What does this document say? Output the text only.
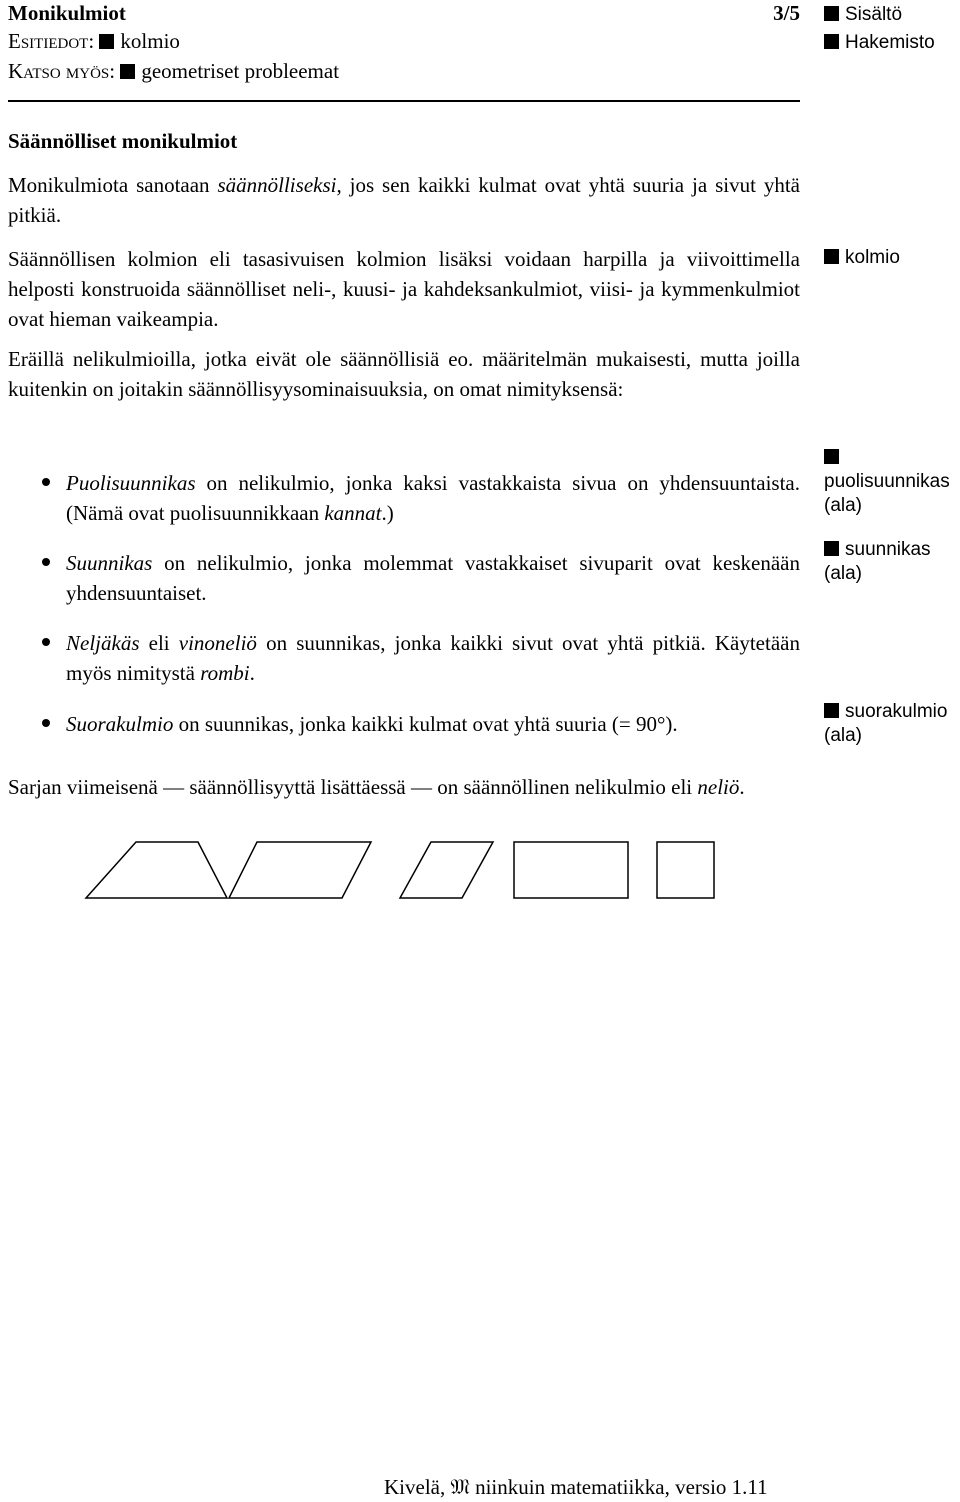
Monikulmiot	3/5
Esitiedot: kolmio
Katso myös: geometriset probleemat
Sisältö
Hakemisto
Säännölliset monikulmiot

Monikulmiota sanotaan säännölliseksi, jos sen kaikki kulmat ovat yhtä suuria ja sivut yhtä pitkiä.

Säännöllisen kolmion eli tasasivuisen kolmion lisäksi voidaan harpilla ja viivoittimella helposti konstruoida säännölliset neli-, kuusi- ja kahdeksankulmiot, viisi- ja kymmenkulmiot ovat hieman vaikeampia.

Eräillä nelikulmioilla, jotka eivät ole säännöllisiä eo. määritelmän mukaisesti, mutta joilla kuitenkin on joitakin säännöllisyysominaisuuksia, on omat nimityksensä:

Puolisuunnikas on nelikulmio, jonka kaksi vastakkaista sivua on yhdensuuntaista. (Nämä ovat puolisuunnikkaan kannat.)

Suunnikas on nelikulmio, jonka molemmat vastakkaiset sivuparit ovat keskenään yhdensuuntaiset.

Neljäkäs eli vinoneliö on suunnikas, jonka kaikki sivut ovat yhtä pitkiä. Käytetään myös nimitystä rombi.

Suorakulmio on suunnikas, jonka kaikki kulmat ovat yhtä suuria (= 90°).

Sarjan viimeisenä — säännöllisyyttä lisättäessä — on säännöllinen nelikulmio eli neliö.

kolmio

puolisuunnikas
(ala)
suunnikas
(ala)
suorakulmio
(ala)
Kivelä, 𝔐 niinkuin matematiikka, versio 1.11
